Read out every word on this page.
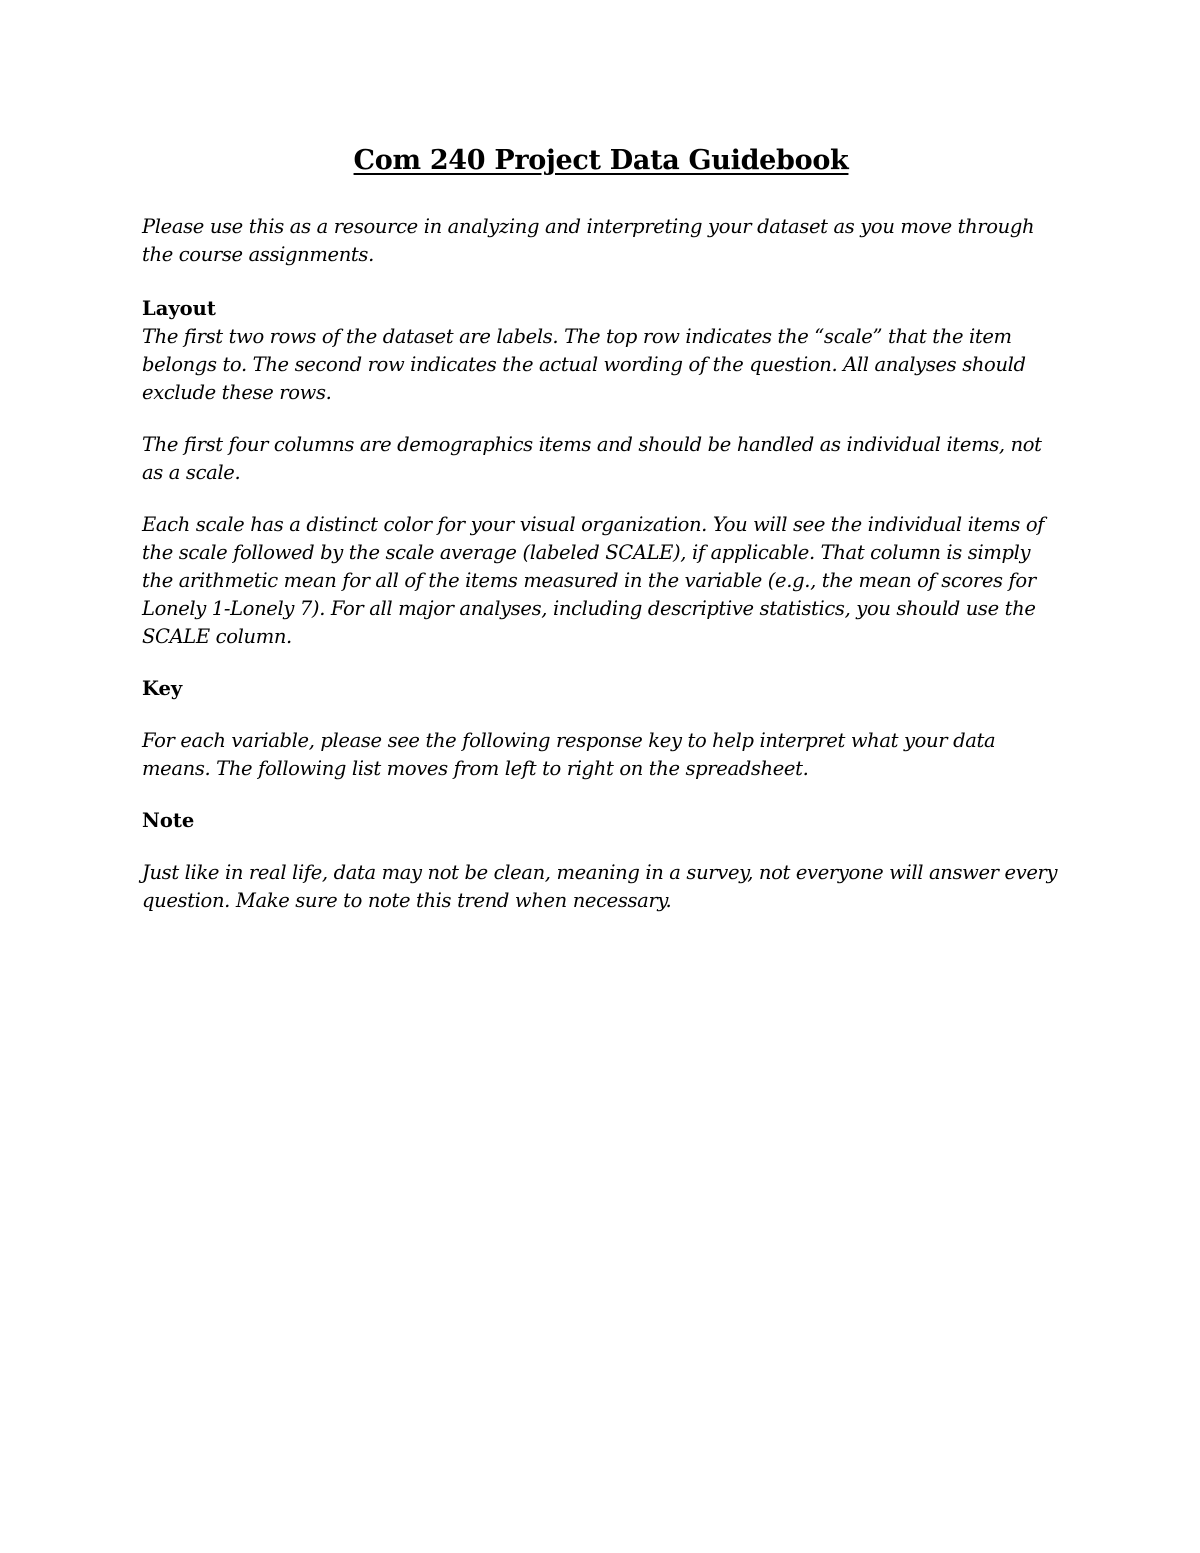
Com 240 Project Data Guidebook

Please use this as a resource in analyzing and interpreting your dataset as you move through the course assignments.

Layout

The first two rows of the dataset are labels. The top row indicates the “scale” that the item belongs to. The second row indicates the actual wording of the question. All analyses should exclude these rows.

The first four columns are demographics items and should be handled as individual items, not as a scale.

Each scale has a distinct color for your visual organization. You will see the individual items of the scale followed by the scale average (labeled SCALE), if applicable. That column is simply the arithmetic mean for all of the items measured in the variable (e.g., the mean of scores for Lonely 1-Lonely 7). For all major analyses, including descriptive statistics, you should use the SCALE column.

Key

For each variable, please see the following response key to help interpret what your data means. The following list moves from left to right on the spreadsheet.

Note

Just like in real life, data may not be clean, meaning in a survey, not everyone will answer every question. Make sure to note this trend when necessary.
